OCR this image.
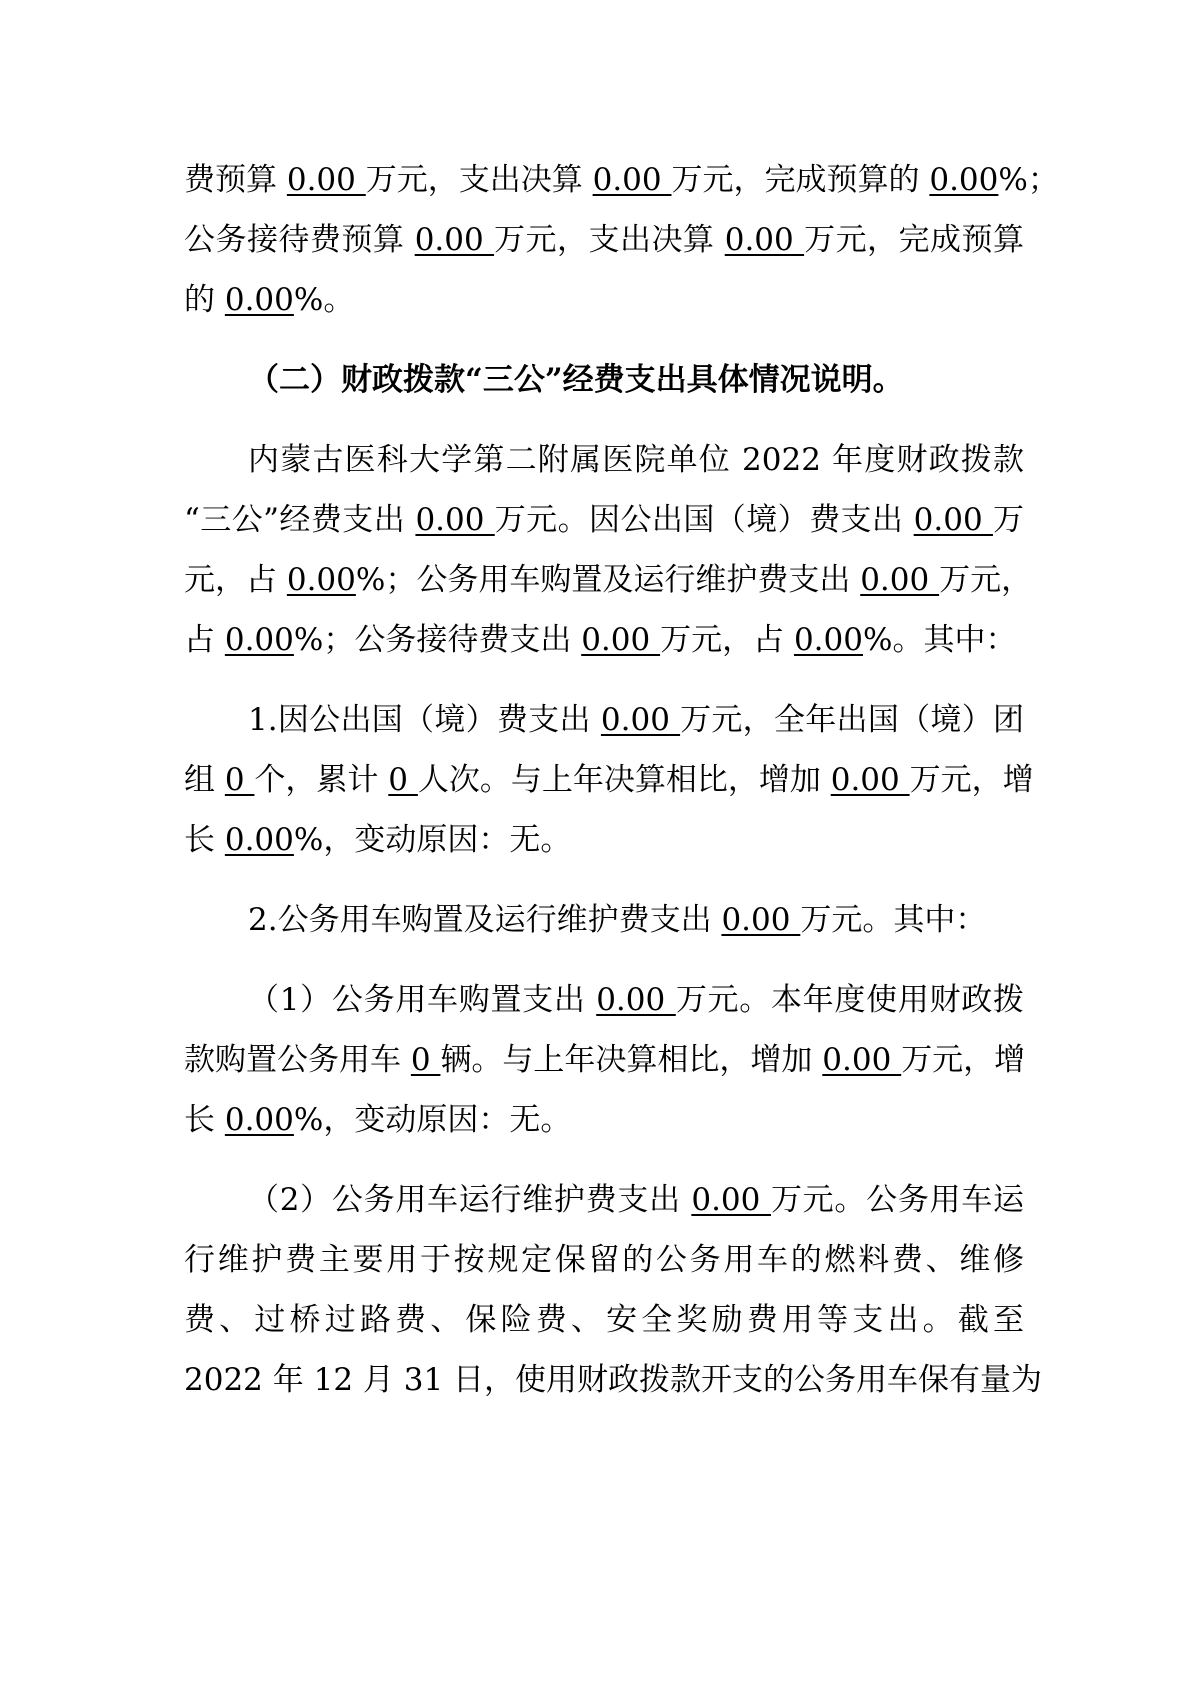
费预算 0.00 万元，支出决算 0.00 万元，完成预算的 0.00%；
公务接待费预算 0.00 万元，支出决算 0.00 万元，完成预算
的 0.00%。
（二）财政拨款“三公”经费支出具体情况说明。
内蒙古医科大学第二附属医院单位 2022 年度财政拨款
“三公”经费支出 0.00 万元。因公出国（境）费支出 0.00 万
元，占 0.00%；公务用车购置及运行维护费支出 0.00 万元，
占 0.00%；公务接待费支出 0.00 万元，占 0.00%。其中：
1.因公出国（境）费支出 0.00 万元，全年出国（境）团
组 0 个，累计 0 人次。与上年决算相比，增加 0.00 万元，增
长 0.00%，变动原因：无。
2.公务用车购置及运行维护费支出 0.00 万元。其中：
（1）公务用车购置支出 0.00 万元。本年度使用财政拨
款购置公务用车 0 辆。与上年决算相比，增加 0.00 万元，增
长 0.00%，变动原因：无。
（2）公务用车运行维护费支出 0.00 万元。公务用车运
行维护费主要用于按规定保留的公务用车的燃料费、维修
费、过桥过路费、保险费、安全奖励费用等支出。截至
2022 年 12 月 31 日，使用财政拨款开支的公务用车保有量为
